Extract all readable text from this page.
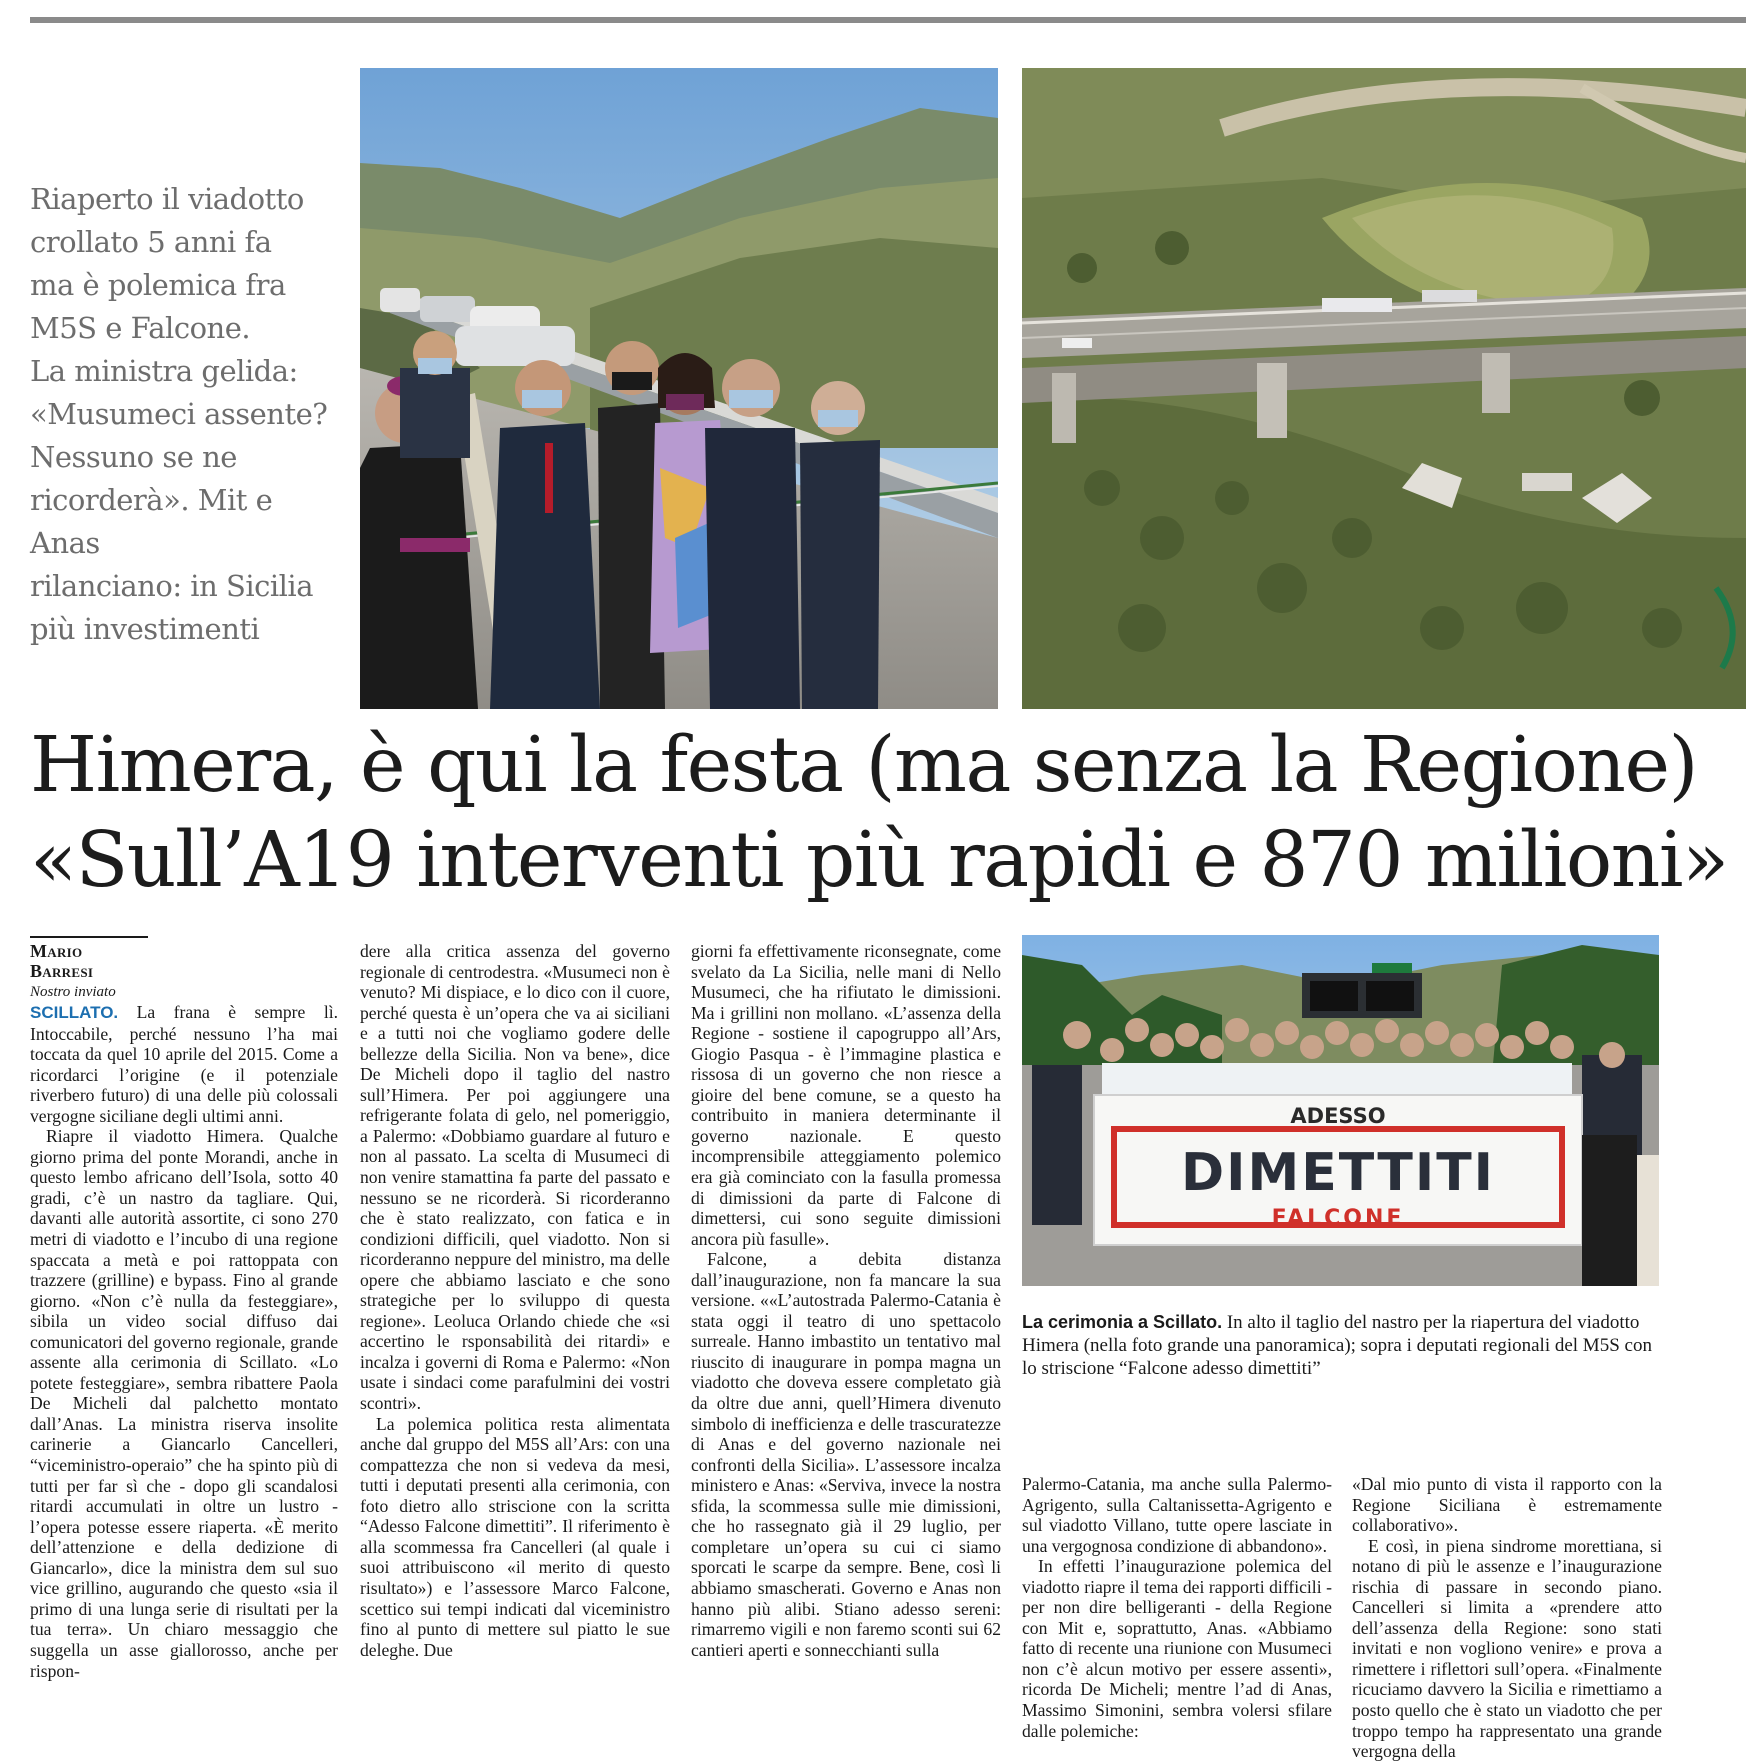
Riaperto il viadotto

crollato 5 anni fa

ma è polemica fra

M5S e Falcone.

La ministra gelida:

«Musumeci assente?

Nessuno se ne

ricorderà». Mit e Anas

rilanciano: in Sicilia

più investimenti

Himera, è qui la festa (ma senza la Regione)
«Sull’A19 interventi più rapidi e 870 milioni»
Mario Barresi
Nostro inviato

SCILLATO. La frana è sempre lì. Intoccabile, perché nessuno l’ha mai toccata da quel 10 aprile del 2015. Come a ricordarci l’origine (e il potenziale riverbero futuro) di una delle più colossali vergogne siciliane degli ultimi anni.

Riapre il viadotto Himera. Qualche giorno prima del ponte Morandi, anche in questo lembo africano dell’Isola, sotto 40 gradi, c’è un nastro da tagliare. Qui, davanti alle autorità assortite, ci sono 270 metri di viadotto e l’incubo di una regione spaccata a metà e poi rattoppata con trazzere (grilline) e bypass. Fino al grande giorno. «Non c’è nulla da festeggiare», sibila un video social diffuso dai comunicatori del governo regionale, grande assente alla cerimonia di Scillato. «Lo potete festeggiare», sembra ribattere Paola De Micheli dal palchetto montato dall’Anas. La ministra riserva insolite carinerie a Giancarlo Cancelleri, “viceministro-operaio” che ha spinto più di tutti per far sì che - dopo gli scandalosi ritardi accumulati in oltre un lustro - l’opera potesse essere riaperta. «È merito dell’attenzione e della dedizione di Giancarlo», dice la ministra dem sul suo vice grillino, augurando che questo «sia il primo di una lunga serie di risultati per la tua terra». Un chiaro messaggio che suggella un asse giallorosso, anche per rispon-

dere alla critica assenza del governo regionale di centrodestra. «Musumeci non è venuto? Mi dispiace, e lo dico con il cuore, perché questa è un’opera che va ai siciliani e a tutti noi che vogliamo godere delle bellezze della Sicilia. Non va bene», dice De Micheli dopo il taglio del nastro sull’Himera. Per poi aggiungere una refrigerante folata di gelo, nel pomeriggio, a Palermo: «Dobbiamo guardare al futuro e non al passato. La scelta di Musumeci di non venire stamattina fa parte del passato e nessuno se ne ricorderà. Si ricorderanno che è stato realizzato, con fatica e in condizioni difficili, quel viadotto. Non si ricorderanno neppure del ministro, ma delle opere che abbiamo lasciato e che sono strategiche per lo sviluppo di questa regione». Leoluca Orlando chiede che «si accertino le rsponsabilità dei ritardi» e incalza i governi di Roma e Palermo: «Non usate i sindaci come parafulmini dei vostri scontri».

La polemica politica resta alimentata anche dal gruppo del M5S all’Ars: con una compattezza che non si vedeva da mesi, tutti i deputati presenti alla cerimonia, con foto dietro allo striscione con la scritta “Adesso Falcone dimettiti”. Il riferimento è alla scommessa fra Cancelleri (al quale i suoi attribuiscono «il merito di questo risultato») e l’assessore Marco Falcone, scettico sui tempi indicati dal viceministro fino al punto di mettere sul piatto le sue deleghe. Due

giorni fa effettivamente riconsegnate, come svelato da La Sicilia, nelle mani di Nello Musumeci, che ha rifiutato le dimissioni. Ma i grillini non mollano. «L’assenza della Regione - sostiene il capogruppo all’Ars, Giogio Pasqua - è l’immagine plastica e rissosa di un governo che non riesce a gioire del bene comune, se a questo ha contribuito in maniera determinante il governo nazionale. E questo incomprensibile atteggiamento polemico era già cominciato con la fasulla promessa di dimissioni da parte di Falcone di dimettersi, cui sono seguite dimissioni ancora più fasulle».

Falcone, a debita distanza dall’inaugurazione, non fa mancare la sua versione. ««L’autostrada Palermo-Catania è stata oggi il teatro di uno spettacolo surreale. Hanno imbastito un tentativo mal riuscito di inaugurare in pompa magna un viadotto che doveva essere completato già da oltre due anni, quell’Himera divenuto simbolo di inefficienza e delle trascuratezze di Anas e del governo nazionale nei confronti della Sicilia». L’assessore incalza ministero e Anas: «Serviva, invece la nostra sfida, la scommessa sulle mie dimissioni, che ho rassegnato già il 29 luglio, per completare un’opera su cui ci siamo sporcati le scarpe da sempre. Bene, così li abbiamo smascherati. Governo e Anas non hanno più alibi. Stiano adesso sereni: rimarremo vigili e non faremo sconti sui 62 cantieri aperti e sonnecchianti sulla

ADESSO
DIMETTITI
FALCONE
La cerimonia a Scillato. In alto il taglio del nastro per la riapertura del viadotto Himera (nella foto grande una panoramica); sopra i deputati regionali del M5S con lo striscione “Falcone adesso dimettiti”

Palermo-Catania, ma anche sulla Palermo-Agrigento, sulla Caltanissetta-Agrigento e sul viadotto Villano, tutte opere lasciate in una vergognosa condizione di abbandono».

In effetti l’inaugurazione polemica del viadotto riapre il tema dei rapporti difficili - per non dire belligeranti - della Regione con Mit e, soprattutto, Anas. «Abbiamo fatto di recente una riunione con Musumeci non c’è alcun motivo per essere assenti», ricorda De Micheli; mentre l’ad di Anas, Massimo Simonini, sembra volersi sfilare dalle polemiche:

«Dal mio punto di vista il rapporto con la Regione Siciliana è estremamente collaborativo».

E così, in piena sindrome morettiana, si notano di più le assenze e l’inaugurazione rischia di passare in secondo piano. Cancelleri si limita a «prendere atto dell’assenza della Regione: sono stati invitati e non vogliono venire» e prova a rimettere i riflettori sull’opera. «Finalmente ricuciamo davvero la Sicilia e rimettiamo a posto quello che è stato un viadotto che per troppo tempo ha rappresentato una grande vergogna della
